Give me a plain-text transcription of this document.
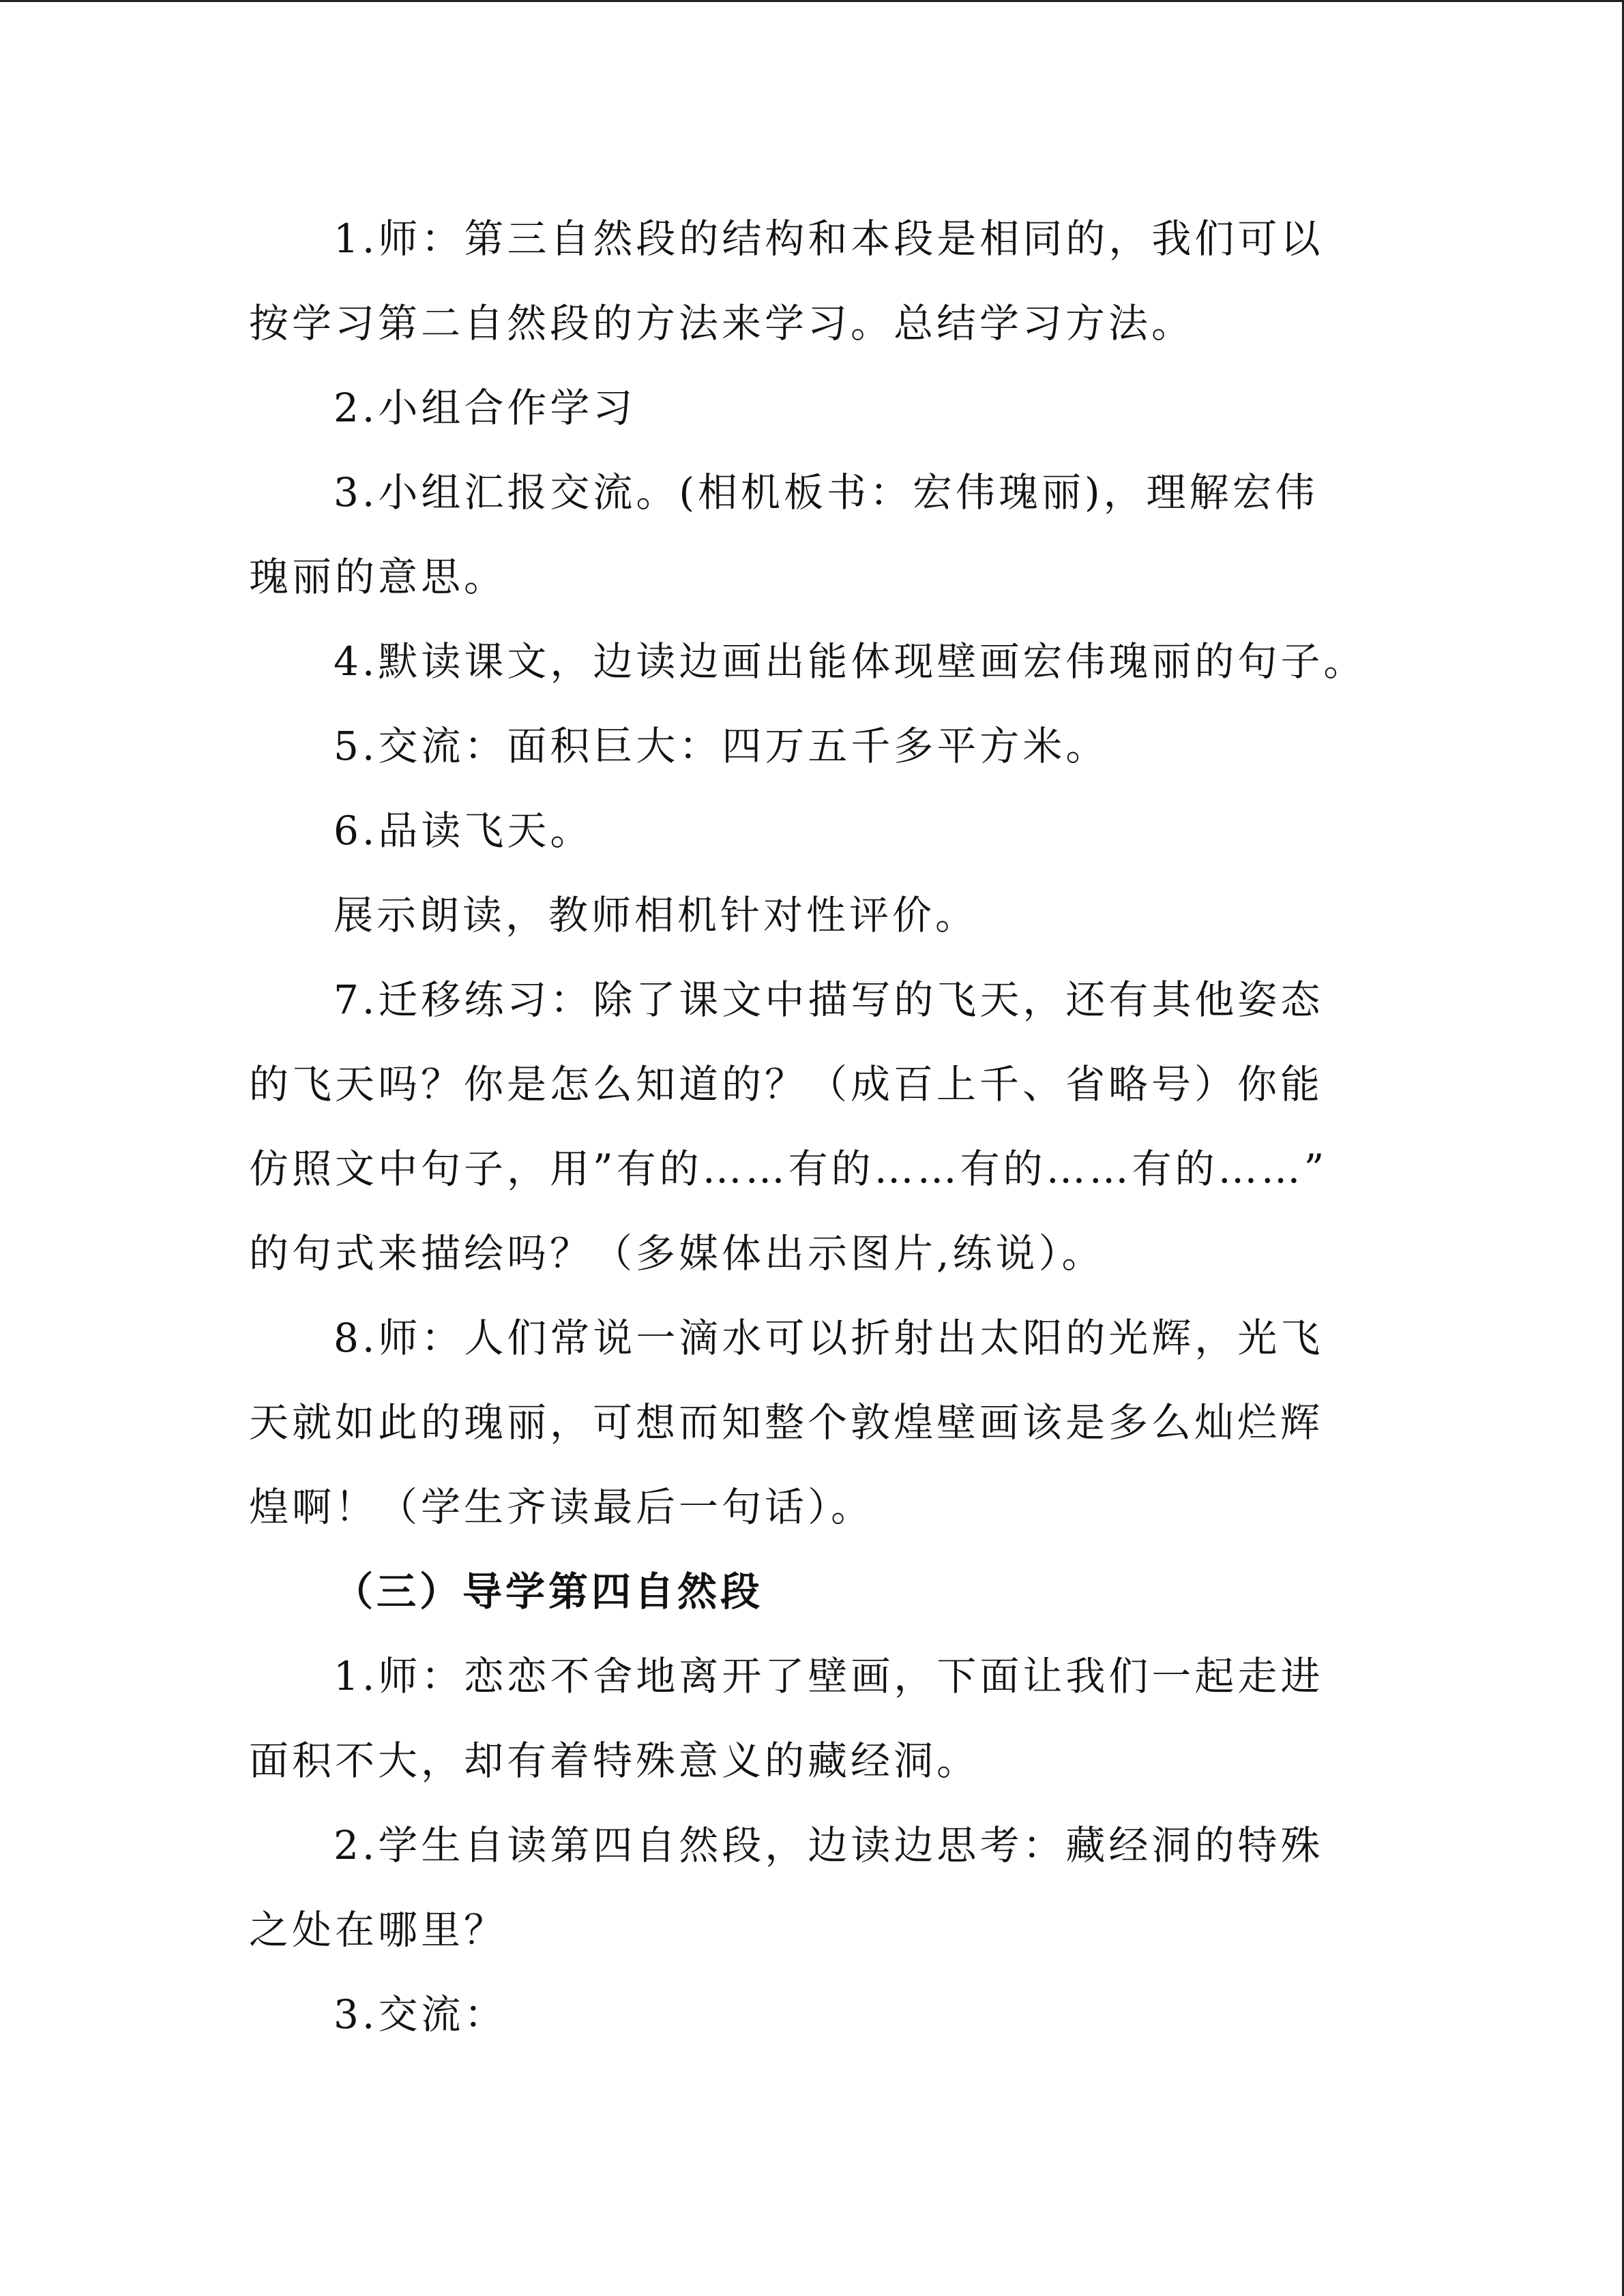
1.师：第三自然段的结构和本段是相同的，我们可以
按学习第二自然段的方法来学习。总结学习方法。
2.小组合作学习
3.小组汇报交流。(相机板书：宏伟瑰丽)，理解宏伟
瑰丽的意思。
4.默读课文，边读边画出能体现壁画宏伟瑰丽的句子。
5.交流：面积巨大：四万五千多平方米。
6.品读飞天。
展示朗读，教师相机针对性评价。
7.迁移练习：除了课文中描写的飞天，还有其他姿态
的飞天吗？你是怎么知道的？（成百上千、省略号）你能
仿照文中句子，用”有的……有的……有的……有的……”
的句式来描绘吗？（多媒体出示图片,练说）。
8.师：人们常说一滴水可以折射出太阳的光辉，光飞
天就如此的瑰丽，可想而知整个敦煌壁画该是多么灿烂辉
煌啊！（学生齐读最后一句话）。
（三）导学第四自然段
1.师：恋恋不舍地离开了壁画，下面让我们一起走进
面积不大，却有着特殊意义的藏经洞。
2.学生自读第四自然段，边读边思考：藏经洞的特殊
之处在哪里？
3.交流：
